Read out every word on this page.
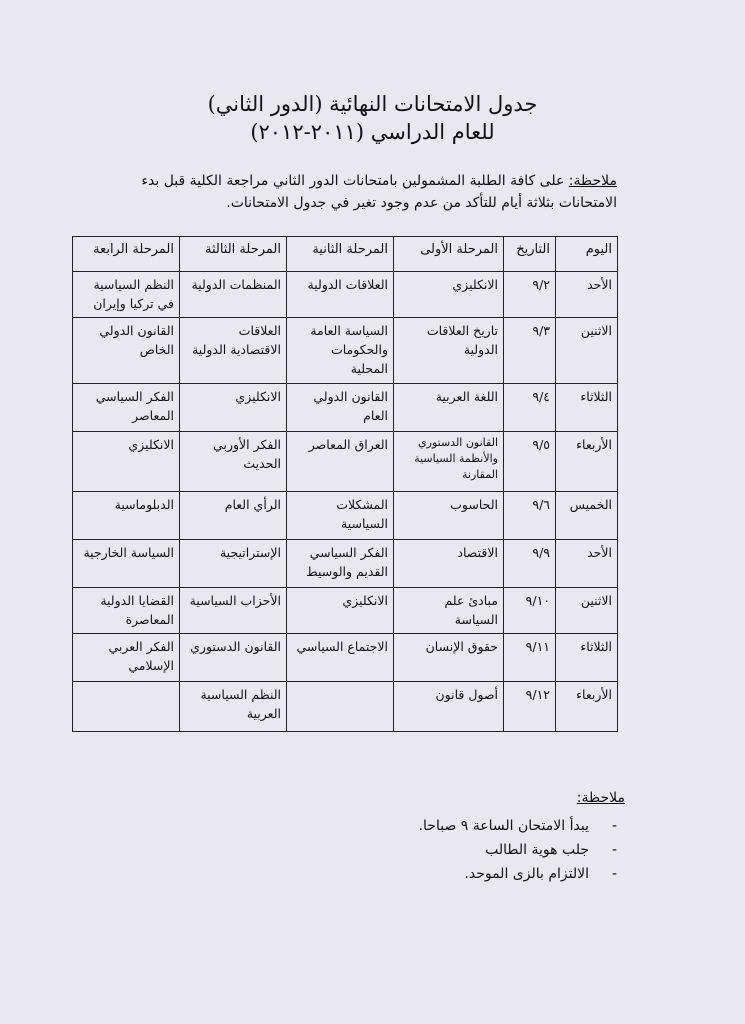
جدول الامتحانات النهائية (الدور الثاني)
للعام الدراسي (٢٠١١-٢٠١٢)
ملاحظة: على كافة الطلبة المشمولين بامتحانات الدور الثاني مراجعة الكلية قبل بدء الامتحانات بثلاثة أيام للتأكد من عدم وجود تغير في جدول الامتحانات.
اليوم	التاريخ	المرحلة الأولى	المرحلة الثانية	المرحلة الثالثة	المرحلة الرابعة
الأحد	٩/٢	الانكليزي	العلاقات الدولية	المنظمات الدولية	النظم السياسية في تركيا وإيران
الاثنين	٩/٣	تاريخ العلاقات الدولية	السياسة العامة والحكومات المحلية	العلاقات الاقتصادية الدولية	القانون الدولي الخاص
الثلاثاء	٩/٤	اللغة العربية	القانون الدولي العام	الانكليزي	الفكر السياسي المعاصر
الأربعاء	٩/٥	القانون الدستوري والأنظمة السياسية المقارنة	العراق المعاصر	الفكر الأوربي الحديث	الانكليزي
الخميس	٩/٦	الحاسوب	المشكلات السياسية	الرأي العام	الدبلوماسية
الأحد	٩/٩	الاقتصاد	الفكر السياسي القديم والوسيط	الإستراتيجية	السياسة الخارجية
الاثنين	٩/١٠	مبادئ علم السياسة	الانكليزي	الأحزاب السياسية	القضايا الدولية المعاصرة
الثلاثاء	٩/١١	حقوق الإنسان	الاجتماع السياسي	القانون الدستوري	الفكر العربي الإسلامي
الأربعاء	٩/١٢	أصول قانون		النظم السياسية العربية	
ملاحظة:
- يبدأ الامتحان الساعة ٩ صباحا.
- جلب هوية الطالب
- الالتزام بالزى الموحد.
